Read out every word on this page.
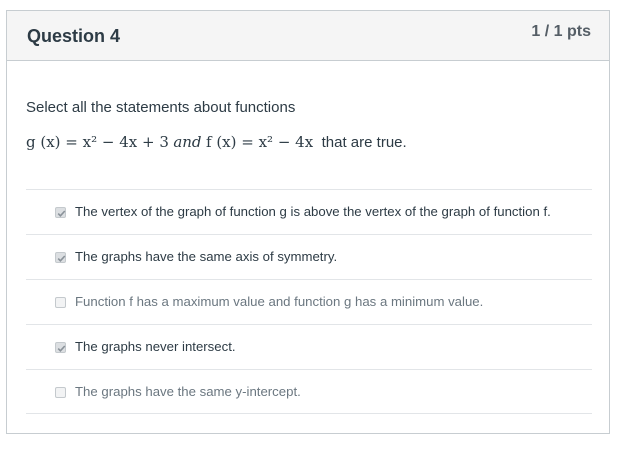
Question 4	1 / 1 pts
Select all the statements about functions
g (x) = x² − 4x + 3 and f (x) = x² − 4x that are true.
The vertex of the graph of function g is above the vertex of the graph of function f.
The graphs have the same axis of symmetry.
Function f has a maximum value and function g has a minimum value.
The graphs never intersect.
The graphs have the same y-intercept.
